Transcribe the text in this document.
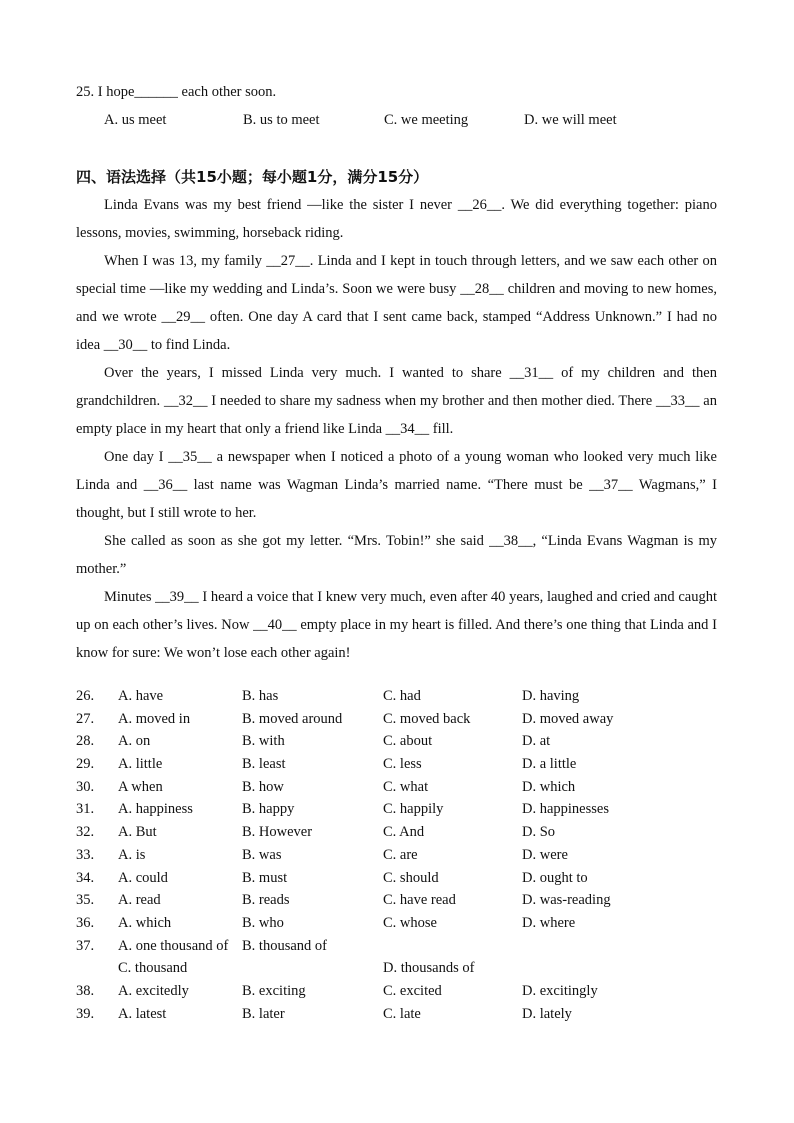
25. I hope______ each other soon.
A. us meet	B. us to meet	C. we meeting	D. we will meet
四、语法选择（共15小题；每小题1分，满分15分）

Linda Evans was my best friend —like the sister I never __26__. We did everything together: piano lessons, movies, swimming, horseback riding.

When I was 13, my family __27__. Linda and I kept in touch through letters, and we saw each other on special time —like my wedding and Linda’s. Soon we were busy __28__ children and moving to new homes, and we wrote __29__ often. One day A card that I sent came back, stamped “Address Unknown.” I had no idea __30__ to find Linda.

Over the years, I missed Linda very much. I wanted to share __31__ of my children and then grandchildren. __32__ I needed to share my sadness when my brother and then mother died. There __33__ an empty place in my heart that only a friend like Linda __34__ fill.

One day I __35__ a newspaper when I noticed a photo of a young woman who looked very much like Linda and __36__ last name was Wagman Linda’s married name. “There must be __37__ Wagmans,” I thought, but I still wrote to her.

She called as soon as she got my letter. “Mrs. Tobin!” she said __38__, “Linda Evans Wagman is my mother.”

Minutes __39__ I heard a voice that I knew very much, even after 40 years, laughed and cried and caught up on each other’s lives. Now __40__ empty place in my heart is filled. And there’s one thing that Linda and I know for sure: We won’t lose each other again!

26. A. have	B. has	C. had	D. having
27. A. moved in	B. moved around	C. moved back	D. moved away
28. A. on	B. with	C. about	D. at
29. A. little	B. least	C. less	D. a little
30. A when	B. how	C. what	D. which
31. A. happiness	B. happy	C. happily	D. happinesses
32. A. But	B. However	C. And	D. So
33. A. is	B. was	C. are	D. were
34. A. could	B. must	C. should	D. ought to
35. A. read	B. reads	C. have read	D. was-reading
36. A. which	B. who	C. whose	D. where
37. A. one thousand of B. thousand of
C. thousand	D. thousands of
38. A. excitedly	B. exciting	C. excited	D. excitingly
39. A. latest	B. later	C. late	D. lately
